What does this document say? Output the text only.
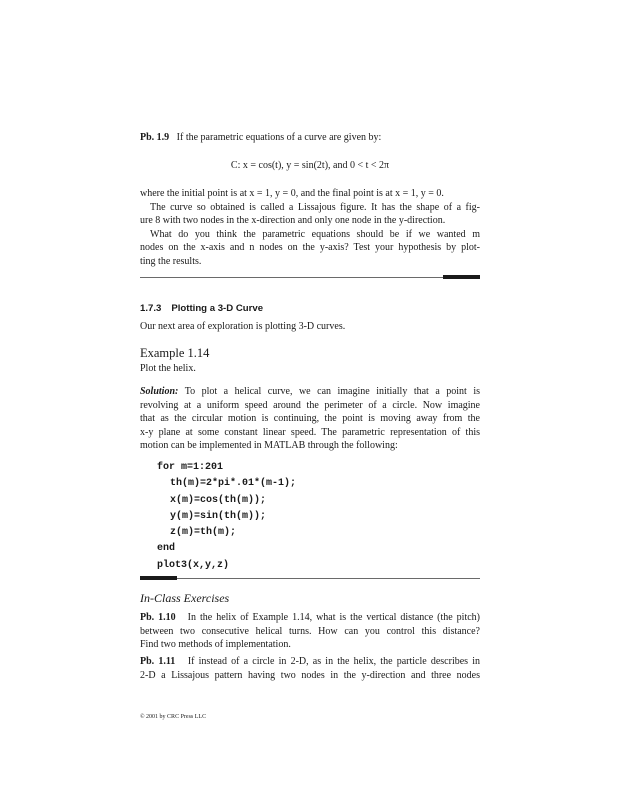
Pb. 1.9 If the parametric equations of a curve are given by:
C: x = cos(t), y = sin(2t), and 0 < t < 2π
where the initial point is at x = 1, y = 0, and the final point is at x = 1, y = 0.
The curve so obtained is called a Lissajous figure. It has the shape of a fig-
ure 8 with two nodes in the x-direction and only one node in the y-direction.
What do you think the parametric equations should be if we wanted m
nodes on the x-axis and n nodes on the y-axis? Test your hypothesis by plot-
ting the results.
1.7.3 Plotting a 3-D Curve
Our next area of exploration is plotting 3-D curves.
Example 1.14
Plot the helix.
Solution: To plot a helical curve, we can imagine initially that a point is
revolving at a uniform speed around the perimeter of a circle. Now imagine
that as the circular motion is continuing, the point is moving away from the
x-y plane at some constant linear speed. The parametric representation of this
motion can be implemented in MATLAB through the following:
for m=1:201
th(m)=2*pi*.01*(m-1);
x(m)=cos(th(m));
y(m)=sin(th(m));
z(m)=th(m);
end
plot3(x,y,z)
In-Class Exercises
Pb. 1.10 In the helix of Example 1.14, what is the vertical distance (the pitch)
between two consecutive helical turns. How can you control this distance?
Find two methods of implementation.
Pb. 1.11 If instead of a circle in 2-D, as in the helix, the particle describes in
2-D a Lissajous pattern having two nodes in the y-direction and three nodes
© 2001 by CRC Press LLC
